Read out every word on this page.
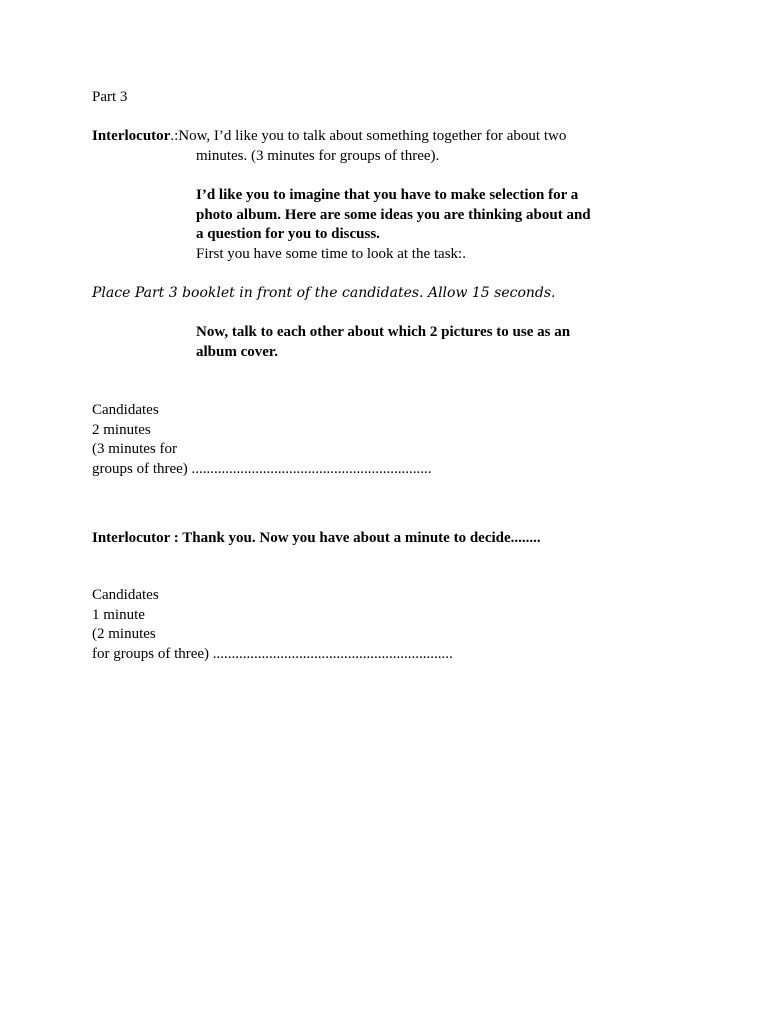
Part 3
Interlocutor.:Now, I’d like you to talk about something together for about two
minutes. (3 minutes for groups of three).
I’d like you to imagine that you have to make selection for a
photo album. Here are some ideas you are thinking about and
a question for you to discuss.
First you have some time to look at the task:.
Place Part 3 booklet in front of the candidates. Allow 15 seconds.
Now, talk to each other about which 2 pictures to use as an
album cover.
Candidates
2 minutes
(3 minutes for
groups of three) ................................................................
Interlocutor : Thank you. Now you have about a minute to decide........
Candidates
1 minute
(2 minutes
for groups of three) ................................................................
